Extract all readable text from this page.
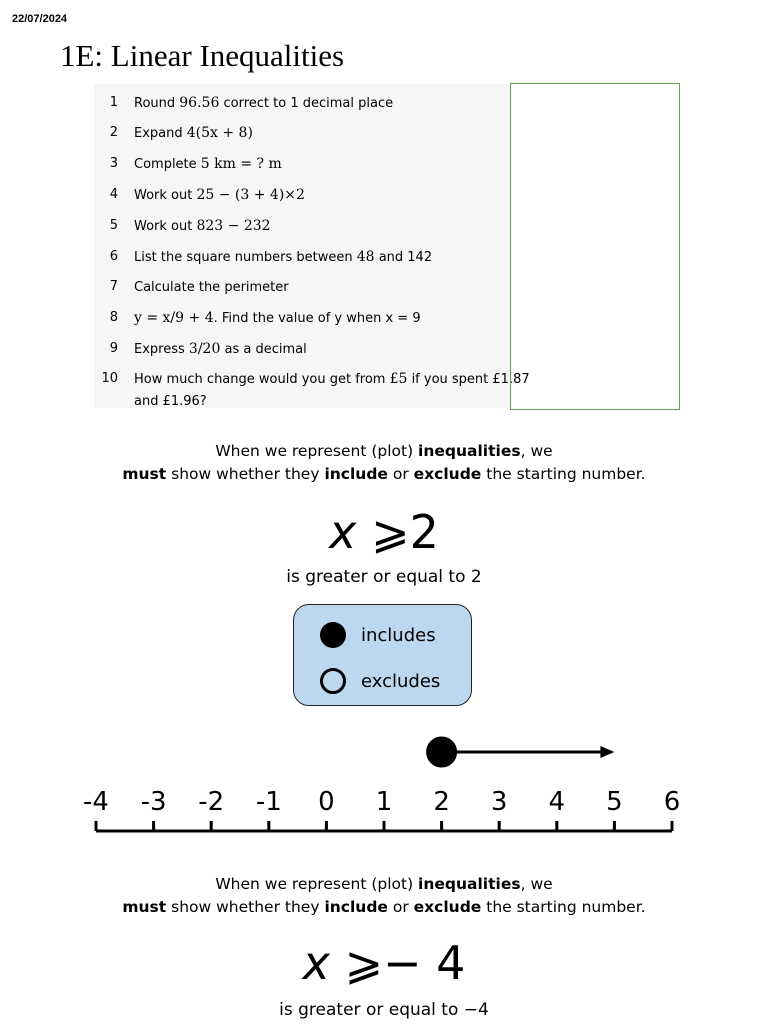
22/07/2024
1E: Linear Inequalities
1 Round 96.56 correct to 1 decimal place
2 Expand 4(5x + 8)
3 Complete 5 km = ? m
4 Work out 25 − (3 + 4)×2
5 Work out 823 − 232
6 List the square numbers between 48 and 142
7 Calculate the perimeter
8 y = x/9 + 4. Find the value of y when x = 9
9 Express 3/20 as a decimal
10 How much change would you get from £5 if you spent £1.87
and £1.96?
When we represent (plot) inequalities, we
must show whether they include or exclude the starting number.
x ⩾2
is greater or equal to 2
includes
excludes
-4 -3 -2 -1 0 1 2 3 4 5 6
When we represent (plot) inequalities, we
must show whether they include or exclude the starting number.
x ⩾− 4
is greater or equal to −4
